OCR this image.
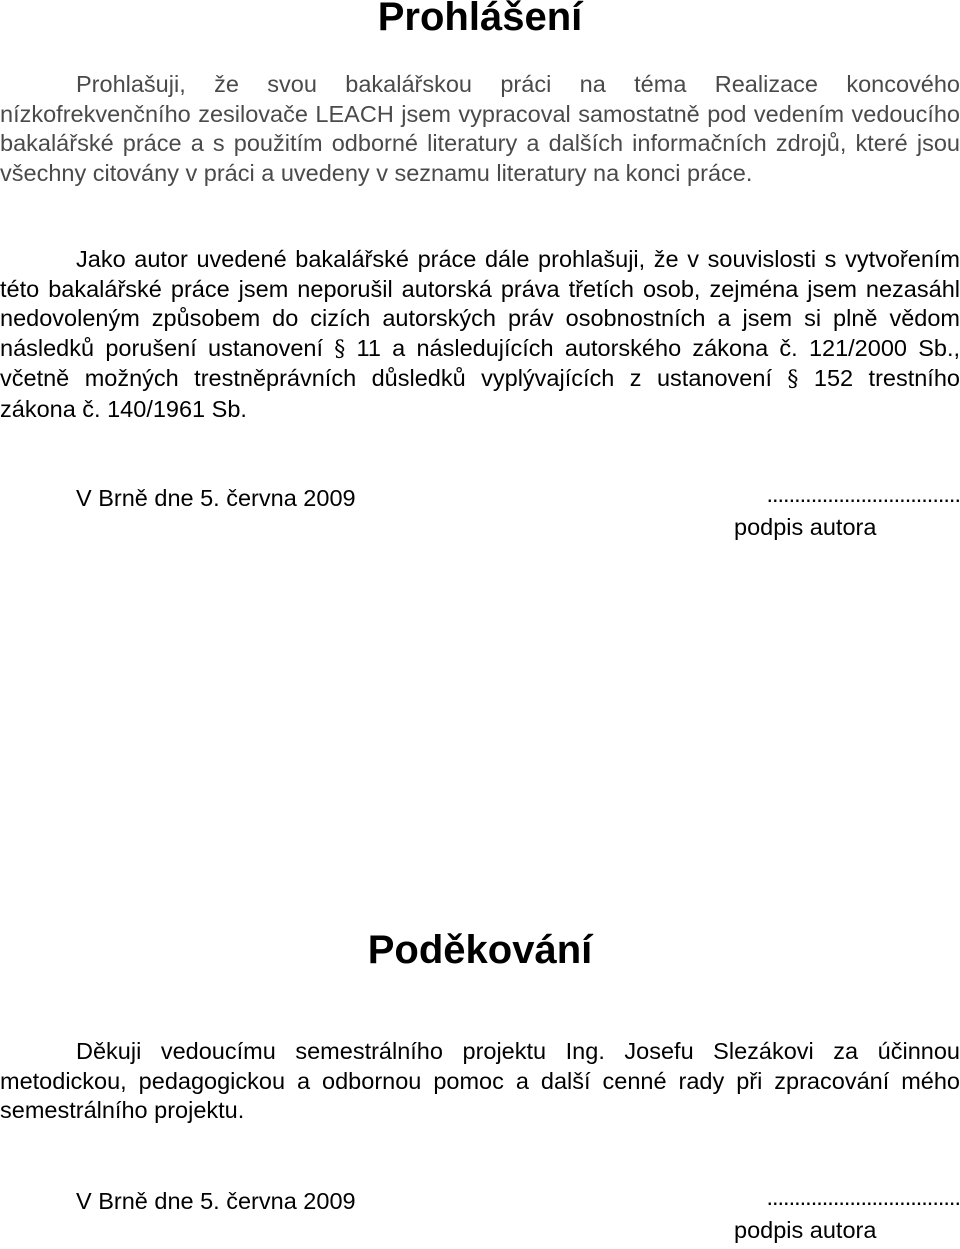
Prohlášení

Prohlašuji, že svou bakalářskou práci na téma Realizace koncového nízkofrekvenčního zesilovače LEACH jsem vypracoval samostatně pod vedením vedoucího bakalářské práce a s použitím odborné literatury a dalších informačních zdrojů, které jsou všechny citovány v práci a uvedeny v seznamu literatury na konci práce.

Jako autor uvedené bakalářské práce dále prohlašuji, že v souvislosti s vytvořením této bakalářské práce jsem neporušil autorská práva třetích osob, zejména jsem nezasáhl nedovoleným způsobem do cizích autorských práv osobnostních a jsem si plně vědom následků porušení ustanovení § 11 a následujících autorského zákona č. 121/2000 Sb., včetně možných trestněprávních důsledků vyplývajících z ustanovení § 152 trestního zákona č. 140/1961 Sb.

V Brně dne 5. června 2009	...................................
podpis autora
Poděkování

Děkuji vedoucímu semestrálního projektu Ing. Josefu Slezákovi za účinnou metodickou, pedagogickou a odbornou pomoc a další cenné rady při zpracování mého semestrálního projektu.

V Brně dne 5. června 2009	...................................
podpis autora
